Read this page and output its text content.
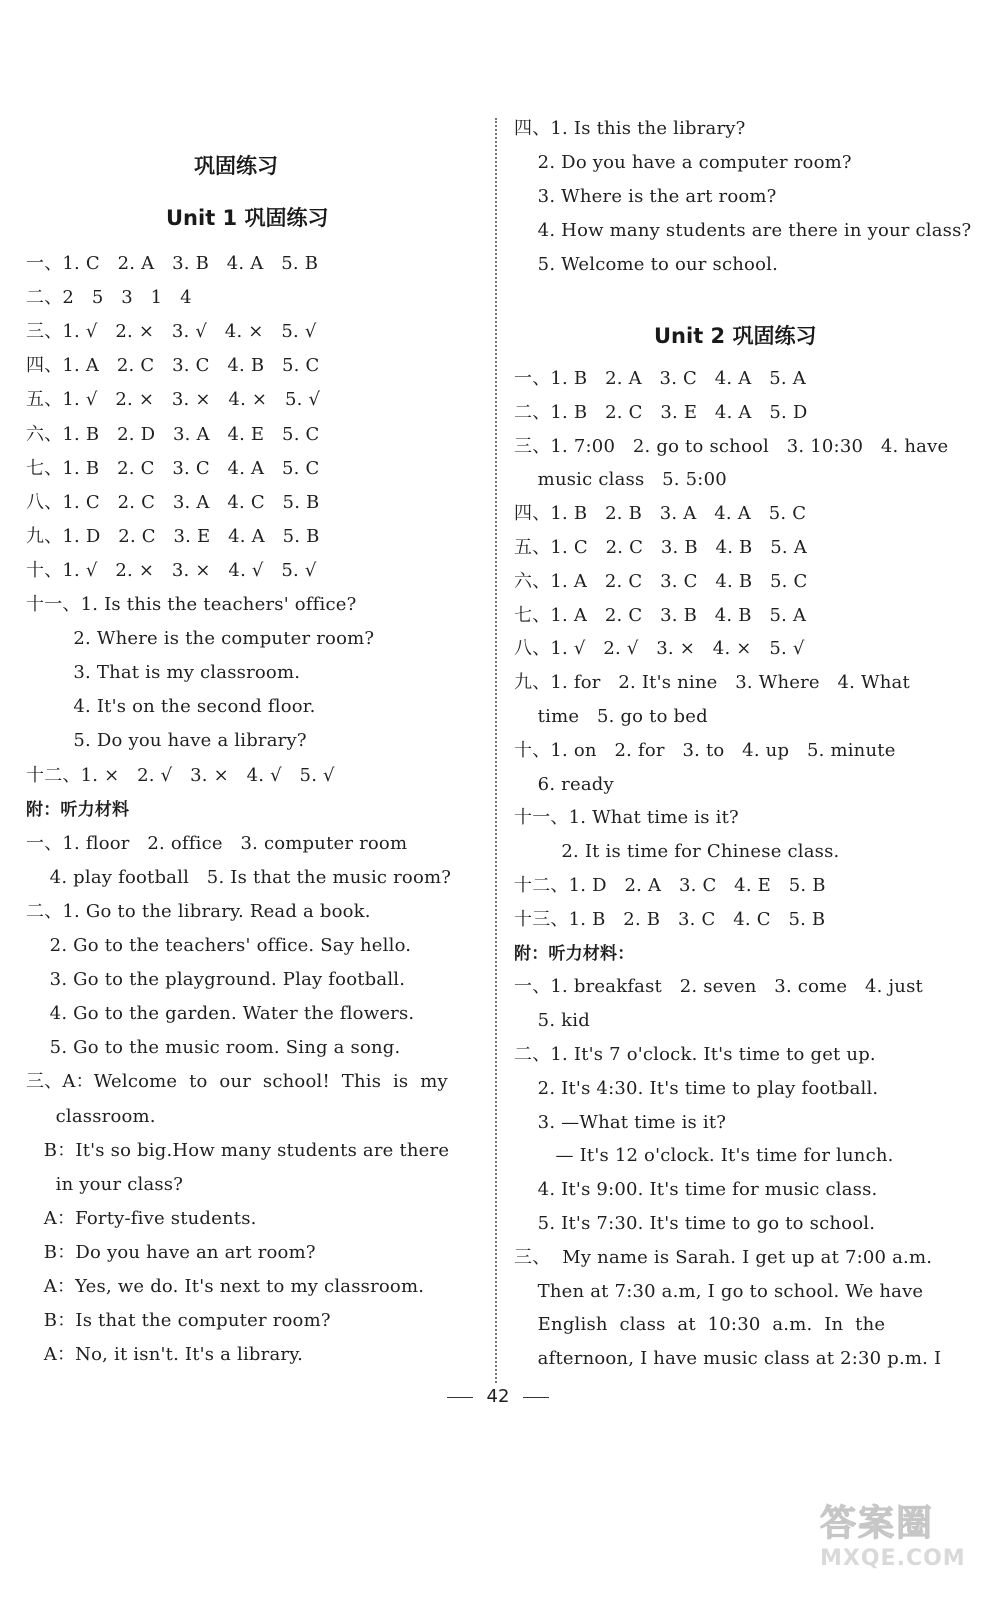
巩固练习
Unit 1 巩固练习
一、1. C   2. A   3. B   4. A   5. B
二、2   5   3   1   4
三、1. √   2. ×   3. √   4. ×   5. √
四、1. A   2. C   3. C   4. B   5. C
五、1. √   2. ×   3. ×   4. ×   5. √
六、1. B   2. D   3. A   4. E   5. C
七、1. B   2. C   3. C   4. A   5. C
八、1. C   2. C   3. A   4. C   5. B
九、1. D   2. C   3. E   4. A   5. B
十、1. √   2. ×   3. ×   4. √   5. √
十一、1. Is this the teachers' office?
2. Where is the computer room?
3. That is my classroom.
4. It's on the second floor.
5. Do you have a library?
十二、1. ×   2. √   3. ×   4. √   5. √
附：听力材料
一、1. floor   2. office   3. computer room
4. play football   5. Is that the music room?
二、1. Go to the library. Read a book.
2. Go to the teachers' office. Say hello.
3. Go to the playground. Play football.
4. Go to the garden. Water the flowers.
5. Go to the music room. Sing a song.
三、A：Welcome  to  our  school!  This  is  my
classroom.
B：It's so big.How many students are there
in your class?
A：Forty-five students.
B：Do you have an art room?
A：Yes, we do. It's next to my classroom.
B：Is that the computer room?
A：No, it isn't. It's a library.
四、1. Is this the library?
2. Do you have a computer room?
3. Where is the art room?
4. How many students are there in your class?
5. Welcome to our school.
Unit 2 巩固练习
一、1. B   2. A   3. C   4. A   5. A
二、1. B   2. C   3. E   4. A   5. D
三、1. 7:00   2. go to school   3. 10:30   4. have
music class   5. 5:00
四、1. B   2. B   3. A   4. A   5. C
五、1. C   2. C   3. B   4. B   5. A
六、1. A   2. C   3. C   4. B   5. C
七、1. A   2. C   3. B   4. B   5. A
八、1. √   2. √   3. ×   4. ×   5. √
九、1. for   2. It's nine   3. Where   4. What
time   5. go to bed
十、1. on   2. for   3. to   4. up   5. minute
6. ready
十一、1. What time is it?
2. It is time for Chinese class.
十二、1. D   2. A   3. C   4. E   5. B
十三、1. B   2. B   3. C   4. C   5. B
附：听力材料：
一、1. breakfast   2. seven   3. come   4. just
5. kid
二、1. It's 7 o'clock. It's time to get up.
2. It's 4:30. It's time to play football.
3. —What time is it?
— It's 12 o'clock. It's time for lunch.
4. It's 9:00. It's time for music class.
5. It's 7:30. It's time to go to school.
三、  My name is Sarah. I get up at 7:00 a.m.
Then at 7:30 a.m, I go to school. We have
English  class  at  10:30  a.m.  In  the
afternoon, I have music class at 2:30 p.m. I
42
答案圈
MXQE.COM
